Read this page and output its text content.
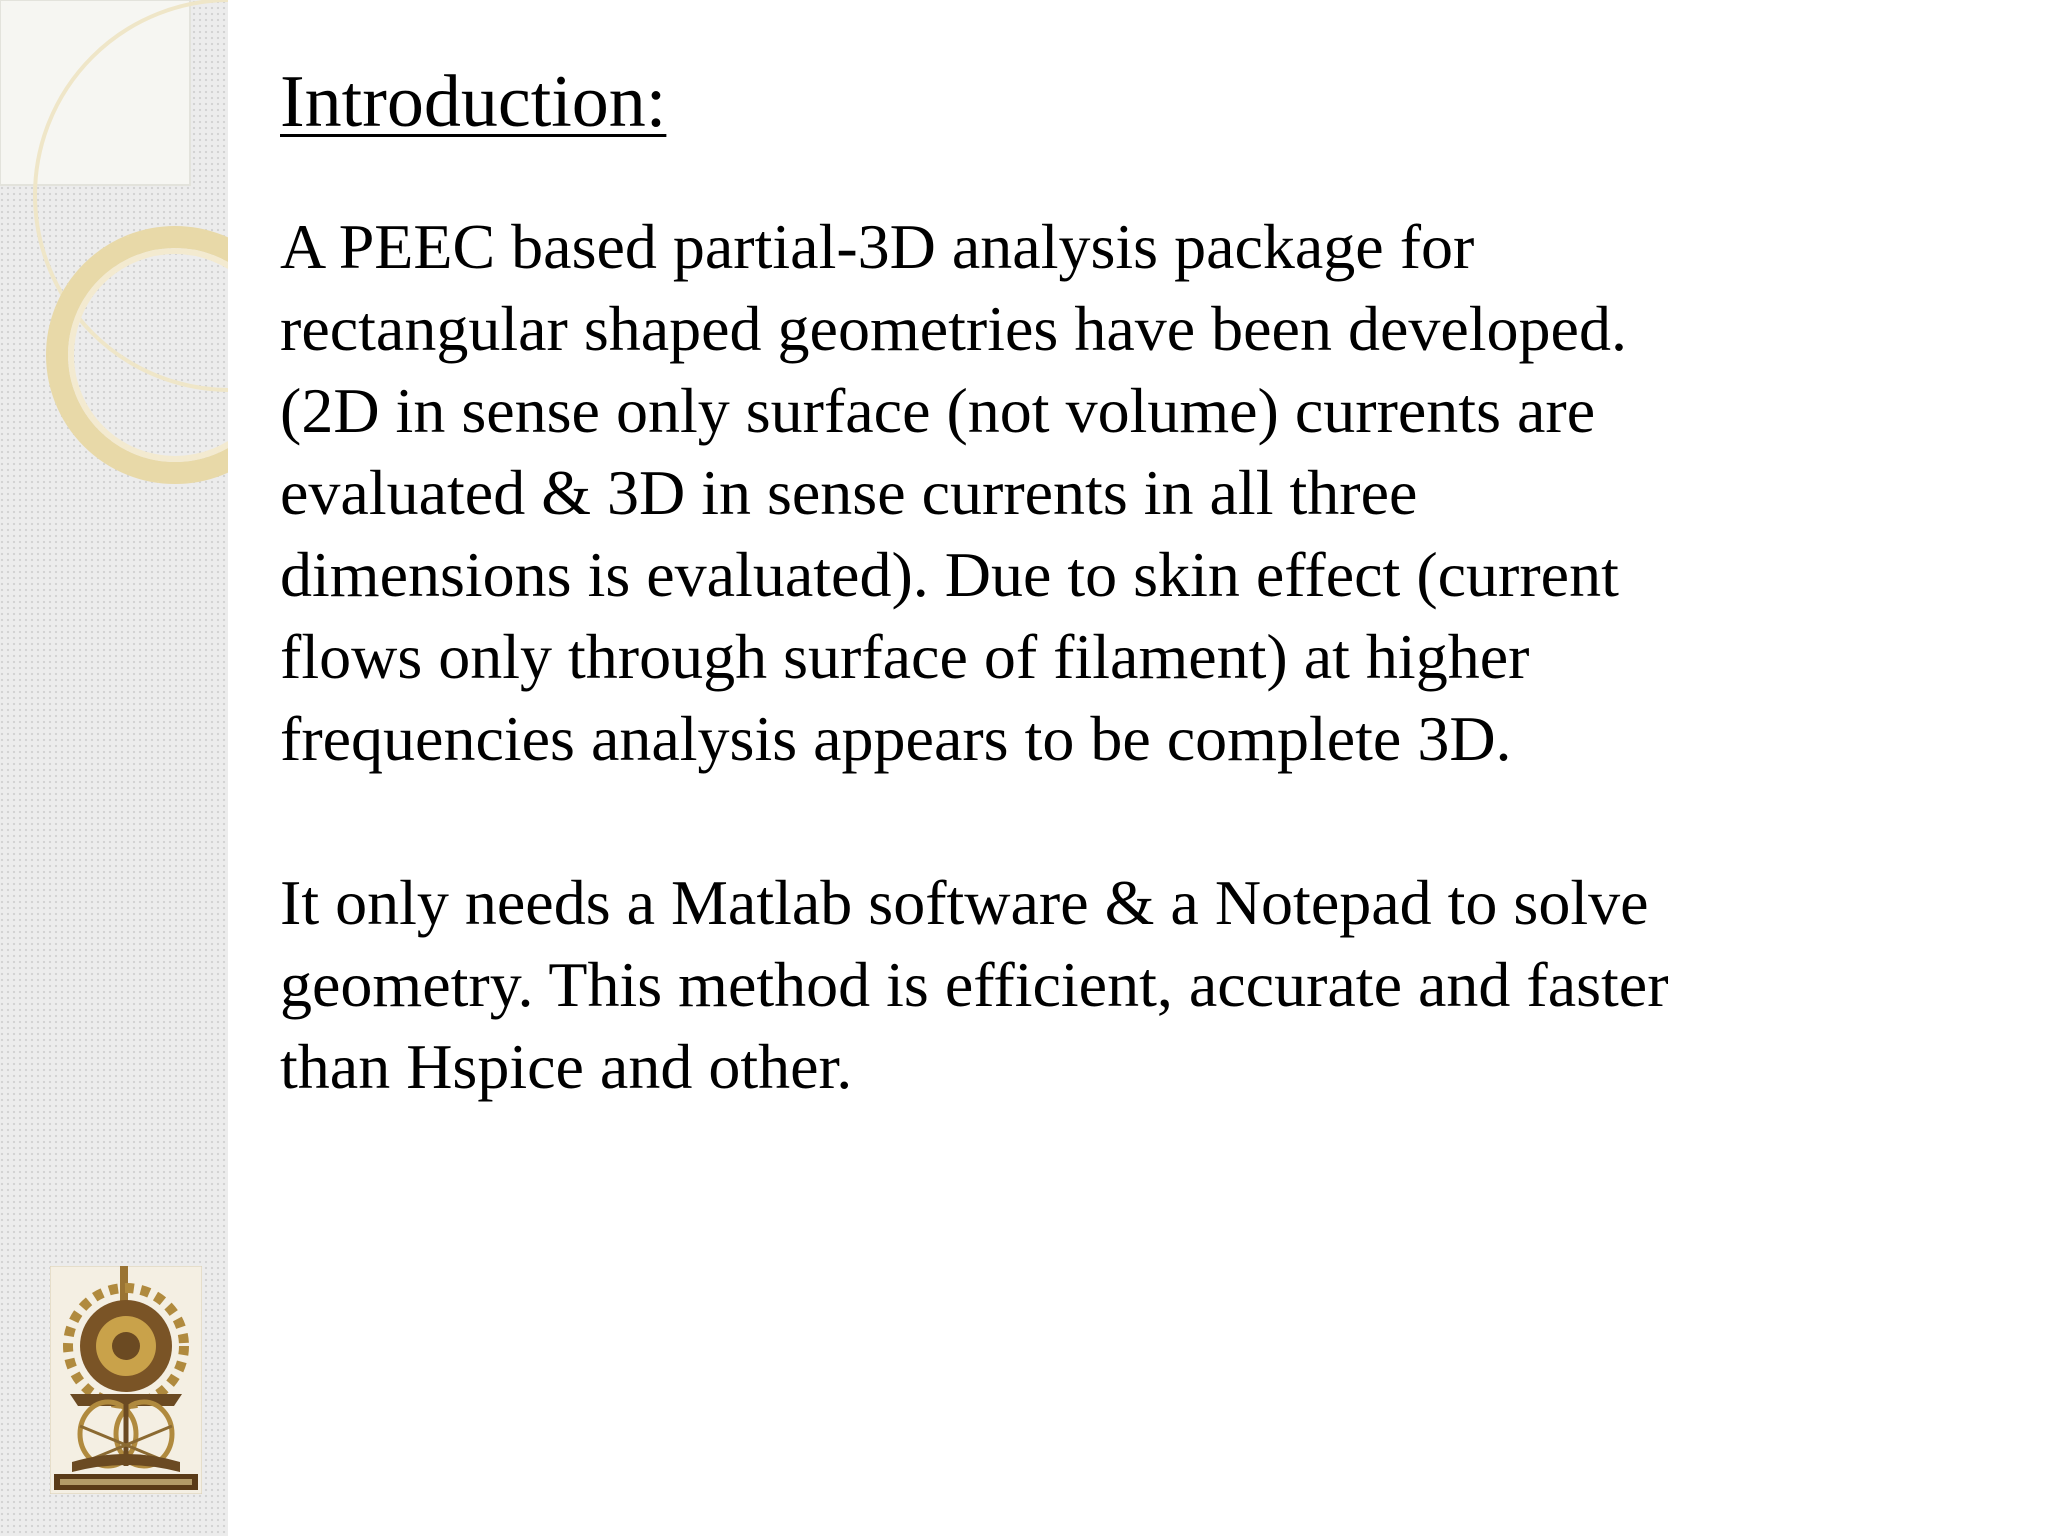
Introduction:

A PEEC based partial-3D analysis package for
rectangular shaped geometries have been developed.
(2D in sense only surface (not volume) currents are
evaluated & 3D in sense currents in all three
dimensions is evaluated). Due to skin effect (current
flows only through surface of filament) at higher
frequencies analysis appears to be complete 3D.

It only needs a Matlab software & a Notepad to solve
geometry. This method is efficient, accurate and faster
than Hspice and other.
